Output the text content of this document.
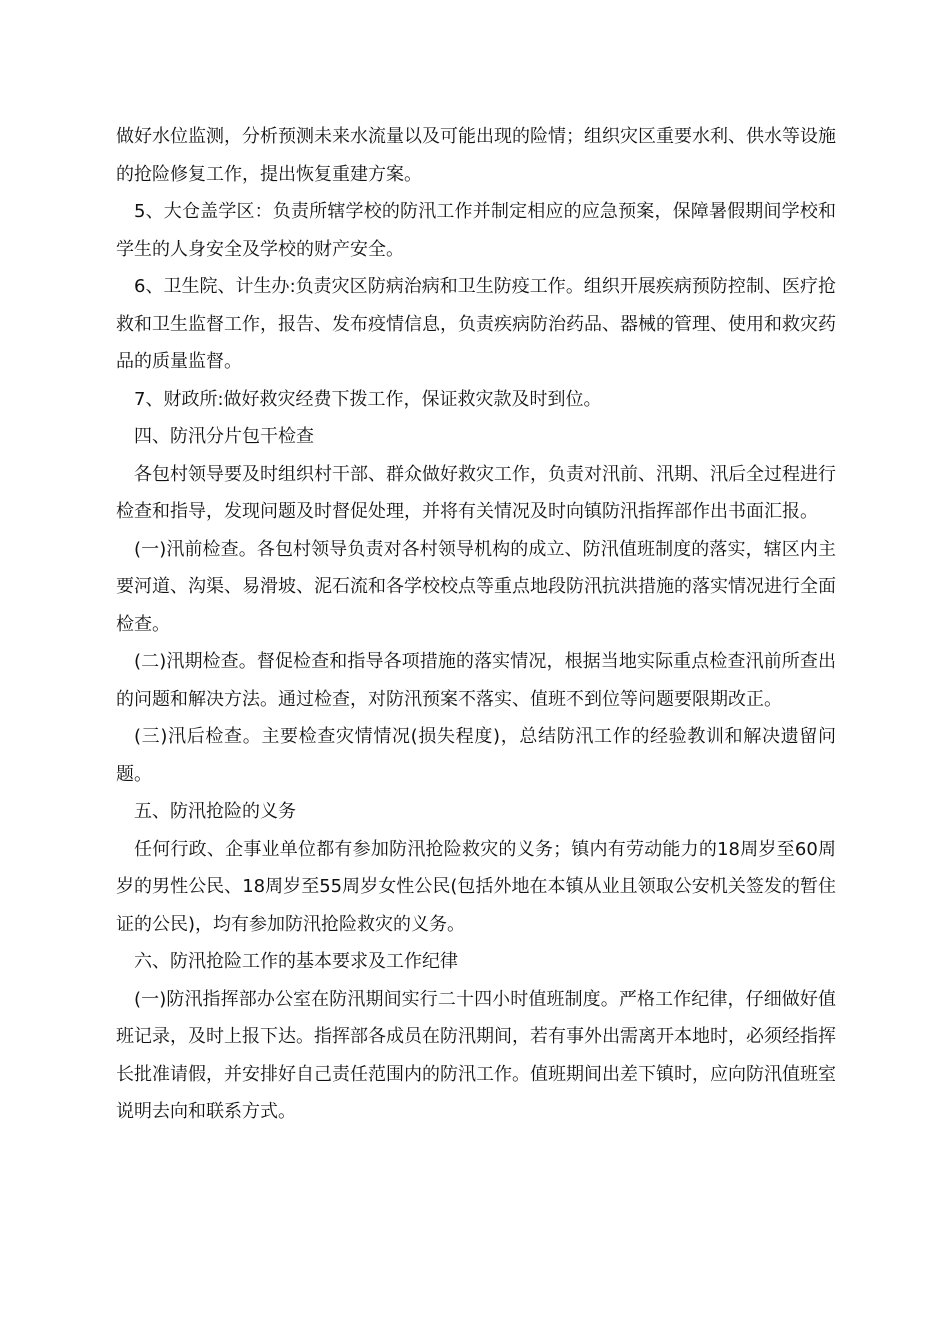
做好水位监测，分析预测未来水流量以及可能出现的险情；组织灾区重要水利、供水等设施的抢险修复工作，提出恢复重建方案。

5、大仓盖学区：负责所辖学校的防汛工作并制定相应的应急预案，保障暑假期间学校和学生的人身安全及学校的财产安全。

6、卫生院、计生办:负责灾区防病治病和卫生防疫工作。组织开展疾病预防控制、医疗抢救和卫生监督工作，报告、发布疫情信息，负责疾病防治药品、器械的管理、使用和救灾药品的质量监督。

7、财政所:做好救灾经费下拨工作，保证救灾款及时到位。

四、防汛分片包干检查

各包村领导要及时组织村干部、群众做好救灾工作，负责对汛前、汛期、汛后全过程进行检查和指导，发现问题及时督促处理，并将有关情况及时向镇防汛指挥部作出书面汇报。

(一)汛前检查。各包村领导负责对各村领导机构的成立、防汛值班制度的落实，辖区内主要河道、沟渠、易滑坡、泥石流和各学校校点等重点地段防汛抗洪措施的落实情况进行全面检查。

(二)汛期检查。督促检查和指导各项措施的落实情况，根据当地实际重点检查汛前所查出的问题和解决方法。通过检查，对防汛预案不落实、值班不到位等问题要限期改正。

(三)汛后检查。主要检查灾情情况(损失程度)，总结防汛工作的经验教训和解决遗留问题。

五、防汛抢险的义务

任何行政、企事业单位都有参加防汛抢险救灾的义务；镇内有劳动能力的18周岁至60周岁的男性公民、18周岁至55周岁女性公民(包括外地在本镇从业且领取公安机关签发的暂住证的公民)，均有参加防汛抢险救灾的义务。

六、防汛抢险工作的基本要求及工作纪律

(一)防汛指挥部办公室在防汛期间实行二十四小时值班制度。严格工作纪律，仔细做好值班记录，及时上报下达。指挥部各成员在防汛期间，若有事外出需离开本地时，必须经指挥长批准请假，并安排好自己责任范围内的防汛工作。值班期间出差下镇时，应向防汛值班室说明去向和联系方式。
